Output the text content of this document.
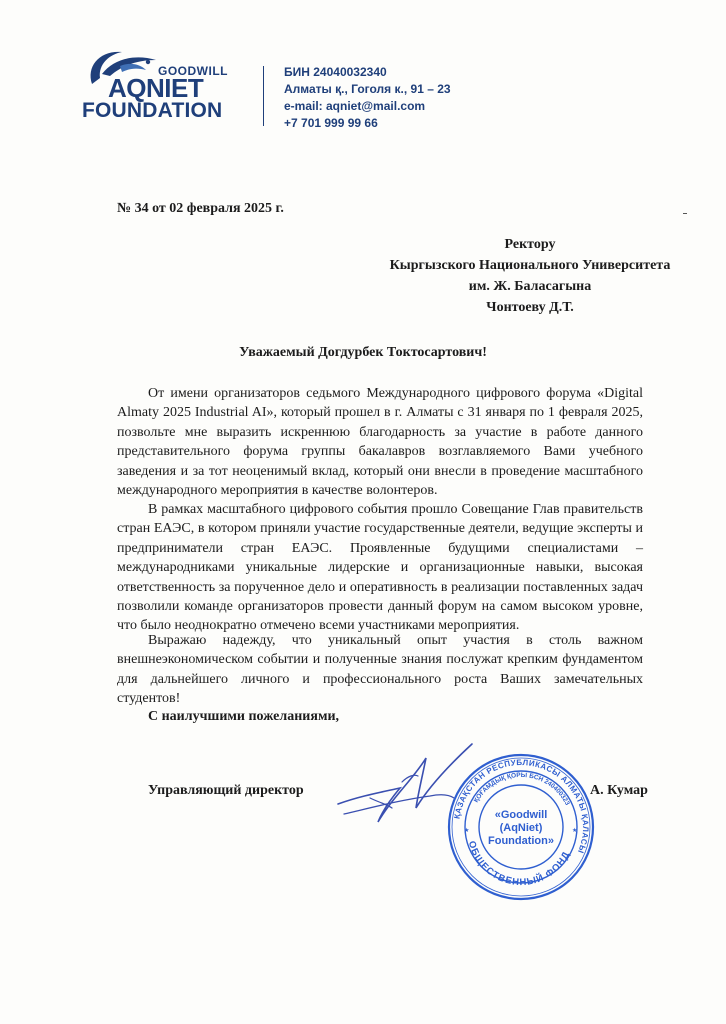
GOODWILL
AQNIET
FOUNDATION
БИН 24040032340
Алматы қ., Гоголя к., 91 – 23
e-mail: aqniet@mail.com
+7 701 999 99 66
№ 34 от 02 февраля 2025 г.
Ректору
Кыргызского Национального Университета
им. Ж. Баласагына
Чонтоеву Д.Т.
Уважаемый Догдурбек Токтосартович!

От имени организаторов седьмого Международного цифрового форума «Digital Almaty 2025 Industrial AI», который прошел в г. Алматы с 31 января по 1 февраля 2025, позвольте мне выразить искреннюю благодарность за участие в работе данного представительного форума группы бакалавров возглавляемого Вами учебного заведения и за тот неоценимый вклад, который они внесли в проведение масштабного международного мероприятия в качестве волонтеров.

В рамках масштабного цифрового события прошло Совещание Глав правительств стран ЕАЭС, в котором приняли участие государственные деятели, ведущие эксперты и предприниматели стран ЕАЭС. Проявленные будущими специалистами – международниками уникальные лидерские и организационные навыки, высокая ответственность за порученное дело и оперативность в реализации поставленных задач позволили команде организаторов провести данный форум на самом высоком уровне, что было неоднократно отмечено всеми участниками мероприятия.

Выражаю надежду, что уникальный опыт участия в столь важном внешнеэкономическом событии и полученные знания послужат крепким фундаментом для дальнейшего личного и профессионального роста Ваших замечательных студентов!

С наилучшими пожеланиями,
Управляющий директор	А. Кумар
ҚАЗАҚСТАН РЕСПУБЛИКАСЫ АЛМАТЫ ҚАЛАСЫ
ҚОҒАМДЫҚ ҚОРЫ БСН 240400323
ОБЩЕСТВЕННЫЙ ФОНД
«Goodwill
(AqNiet)
Foundation»
★	★
